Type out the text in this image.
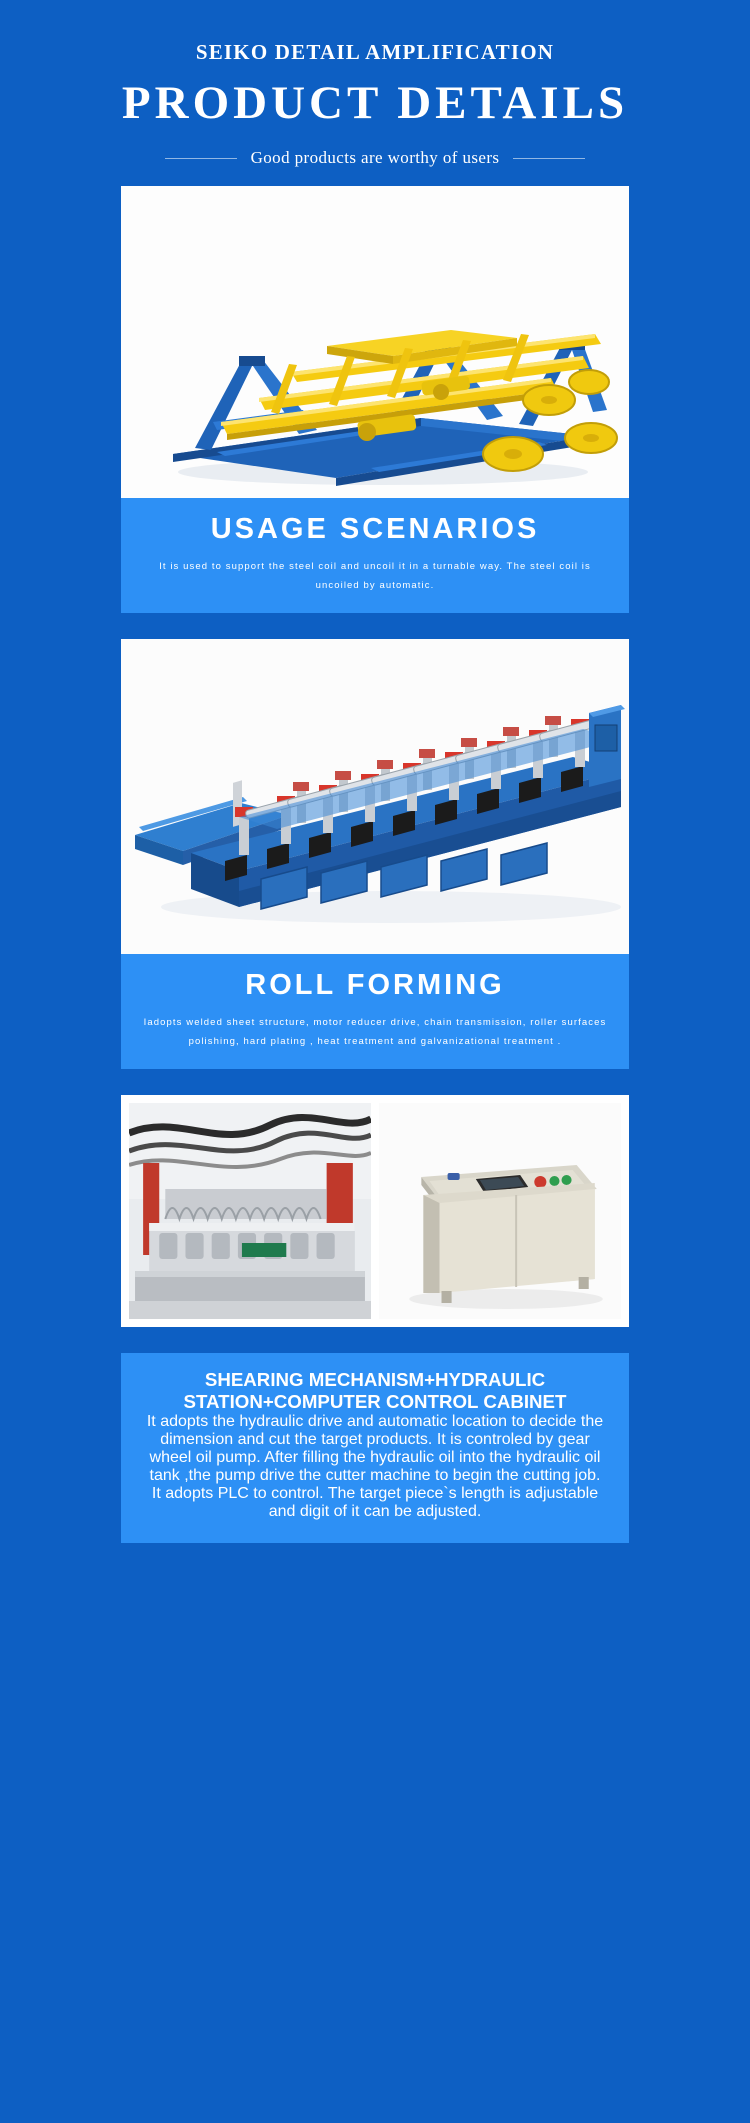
SEIKO DETAIL AMPLIFICATION
PRODUCT DETAILS
Good products are worthy of users
USAGE SCENARIOS

It is used to support the steel coil and uncoil it in a turnable way. The steel coil is uncoiled by automatic.

ROLL FORMING

Iadopts welded sheet structure, motor reducer drive, chain transmission, roller surfaces polishing, hard plating , heat treatment and galvanizational treatment .

SHEARING MECHANISM+HYDRAULIC STATION+COMPUTER CONTROL CABINET

It adopts the hydraulic drive and automatic location to decide the dimension and cut the target products. It is controled by gear wheel oil pump. After filling the hydraulic oil into the hydraulic oil tank ,the pump drive the cutter machine to begin the cutting job. It adopts PLC to control. The target piece`s length is adjustable and digit of it can be adjusted.
